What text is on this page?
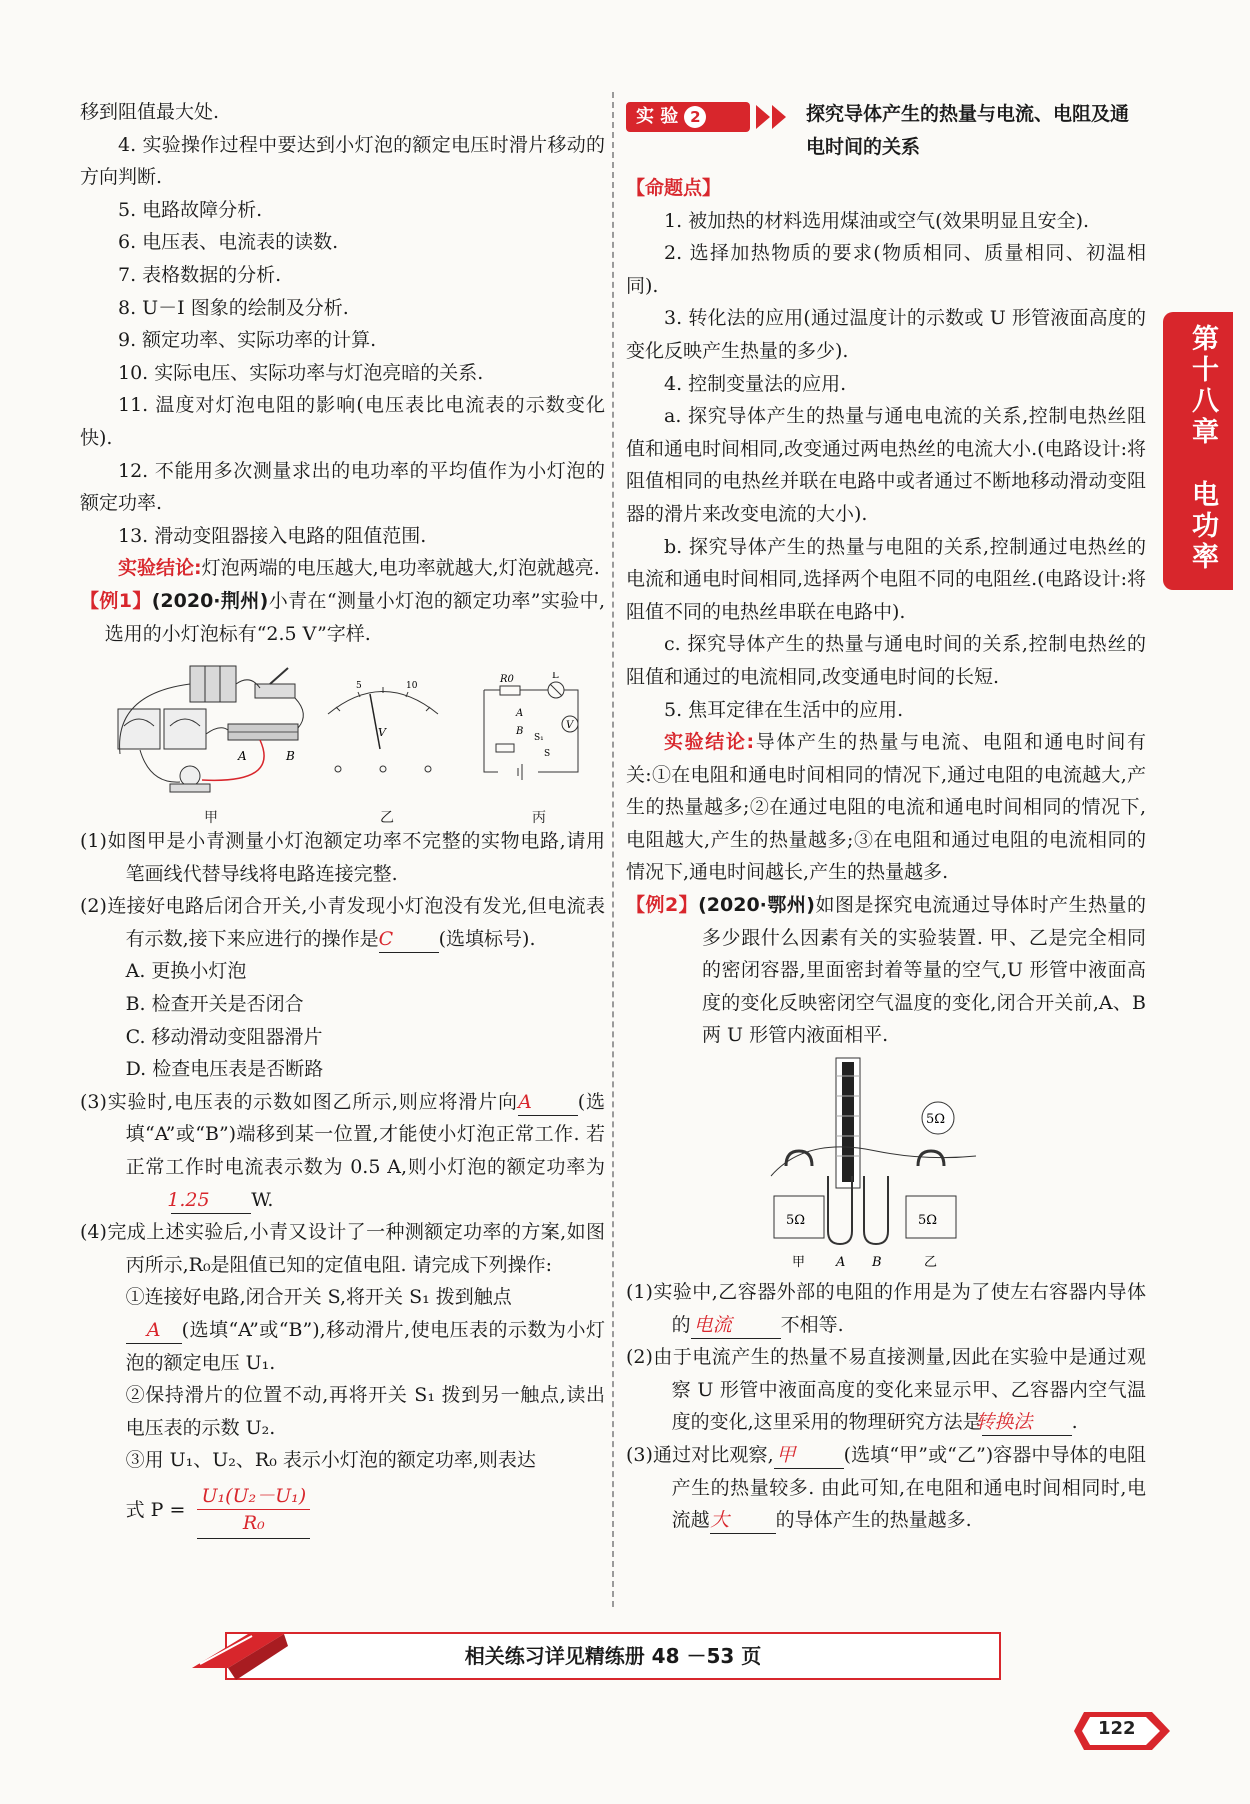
移到阻值最大处.

4. 实验操作过程中要达到小灯泡的额定电压时滑片移动的方向判断.

5. 电路故障分析.

6. 电压表、电流表的读数.

7. 表格数据的分析.

8. U－I 图象的绘制及分析.

9. 额定功率、实际功率的计算.

10. 实际电压、实际功率与灯泡亮暗的关系.

11. 温度对灯泡电阻的影响(电压表比电流表的示数变化快).

12. 不能用多次测量求出的电功率的平均值作为小灯泡的额定功率.

13. 滑动变阻器接入电路的阻值范围.

实验结论:灯泡两端的电压越大,电功率就越大,灯泡就越亮.

【例1】(2020·荆州)小青在“测量小灯泡的额定功率”实验中,选用的小灯泡标有“2.5 V”字样.

A	B
5	10
V
R0	L
V
A
B
S₁
S
甲	乙	丙

(1)如图甲是小青测量小灯泡额定功率不完整的实物电路,请用笔画线代替导线将电路连接完整.

(2)连接好电路后闭合开关,小青发现小灯泡没有发光,但电流表有示数,接下来应进行的操作是C (选填标号).

A. 更换小灯泡

B. 检查开关是否闭合

C. 移动滑动变阻器滑片

D. 检查电压表是否断路

(3)实验时,电压表的示数如图乙所示,则应将滑片向A (选填“A”或“B”)端移到某一位置,才能使小灯泡正常工作. 若正常工作时电流表示数为 0.5 A,则小灯泡的额定功率为1.25 W.

(4)完成上述实验后,小青又设计了一种测额定功率的方案,如图丙所示,R₀是阻值已知的定值电阻. 请完成下列操作:

①连接好电路,闭合开关 S,将开关 S₁ 拨到触点
A (选填“A”或“B”),移动滑片,使电压表的示数为小灯泡的额定电压 U₁.

②保持滑片的位置不动,再将开关 S₁ 拨到另一触点,读出电压表的示数 U₂.

③用 U₁、U₂、R₀ 表示小灯泡的额定功率,则表达

式 $P = \frac{\text{U₁(U₂－U₁)}}{\text{R₀}}$

实 验 2	探究导体产生的热量与电流、电阻及通电时间的关系

【命题点】

1. 被加热的材料选用煤油或空气(效果明显且安全).

2. 选择加热物质的要求(物质相同、质量相同、初温相同).

3. 转化法的应用(通过温度计的示数或 U 形管液面高度的变化反映产生热量的多少).

4. 控制变量法的应用.

a. 探究导体产生的热量与通电电流的关系,控制电热丝阻值和通电时间相同,改变通过两电热丝的电流大小.(电路设计:将阻值相同的电热丝并联在电路中或者通过不断地移动滑动变阻器的滑片来改变电流的大小).

b. 探究导体产生的热量与电阻的关系,控制通过电热丝的电流和通电时间相同,选择两个电阻不同的电阻丝.(电路设计:将阻值不同的电热丝串联在电路中).

c. 探究导体产生的热量与通电时间的关系,控制电热丝的阻值和通过的电流相同,改变通电时间的长短.

5. 焦耳定律在生活中的应用.

实验结论:导体产生的热量与电流、电阻和通电时间有关:①在电阻和通电时间相同的情况下,通过电阻的电流越大,产生的热量越多;②在通过电阻的电流和通电时间相同的情况下,电阻越大,产生的热量越多;③在电阻和通过电阻的电流相同的情况下,通电时间越长,产生的热量越多.

【例2】(2020·鄂州)如图是探究电流通过导体时产生热量的多少跟什么因素有关的实验装置. 甲、乙是完全相同的密闭容器,里面密封着等量的空气,U 形管中液面高度的变化反映密闭空气温度的变化,闭合开关前,A、B 两 U 形管内液面相平.

5Ω
5Ω	5Ω
甲 A B	乙

(1)实验中,乙容器外部的电阻的作用是为了使左右容器内导体的 电流	不相等.

(2)由于电流产生的热量不易直接测量,因此在实验中是通过观察 U 形管中液面高度的变化来显示甲、乙容器内空气温度的变化,这里采用的物理研究方法是转换法 .

(3)通过对比观察, 甲	(选填“甲”或“乙”)容器中导体的电阻产生的热量较多. 由此可知,在电阻和通电时间相同时,电流越大 的导体产生的热量越多.

第十八章
电功率
相关练习详见精练册 48 －53 页
122
